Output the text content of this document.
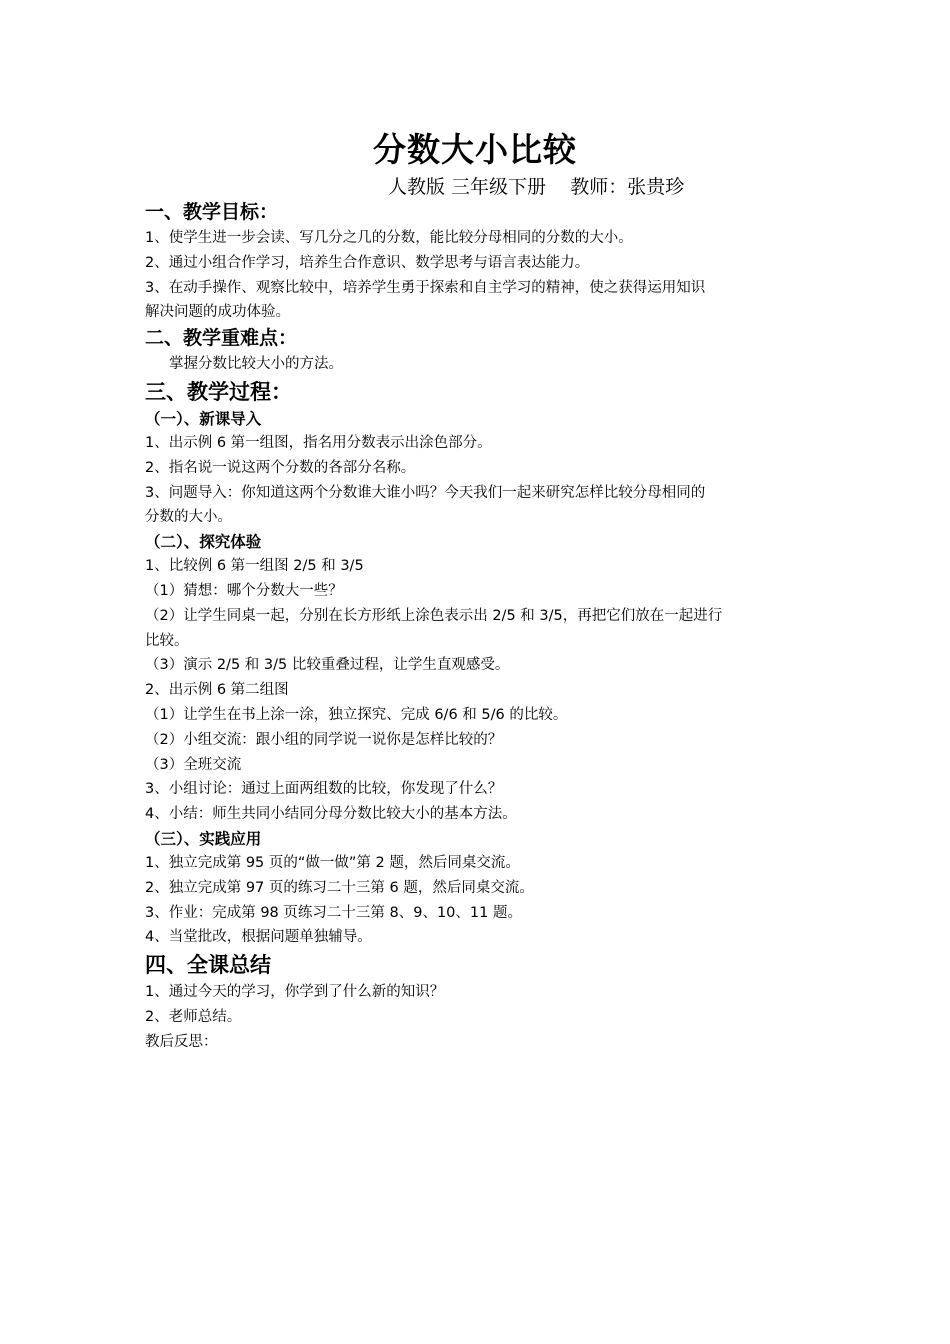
分数大小比较
人教版 三年级下册    教师：张贵珍
一、教学目标：
1、使学生进一步会读、写几分之几的分数，能比较分母相同的分数的大小。
2、通过小组合作学习，培养生合作意识、数学思考与语言表达能力。
3、在动手操作、观察比较中，培养学生勇于探索和自主学习的精神，使之获得运用知识
解决问题的成功体验。
二、教学重难点：
掌握分数比较大小的方法。
三、教学过程：
（一）、新课导入
1、出示例 6 第一组图，指名用分数表示出涂色部分。
2、指名说一说这两个分数的各部分名称。
3、问题导入：你知道这两个分数谁大谁小吗？今天我们一起来研究怎样比较分母相同的
分数的大小。
（二）、探究体验
1、比较例 6 第一组图 2/5 和 3/5
（1）猜想：哪个分数大一些？
（2）让学生同桌一起，分别在长方形纸上涂色表示出 2/5 和 3/5，再把它们放在一起进行
比较。
（3）演示 2/5 和 3/5 比较重叠过程，让学生直观感受。
2、出示例 6 第二组图
（1）让学生在书上涂一涂，独立探究、完成 6/6 和 5/6 的比较。
（2）小组交流：跟小组的同学说一说你是怎样比较的？
（3）全班交流
3、小组讨论：通过上面两组数的比较，你发现了什么？
4、小结：师生共同小结同分母分数比较大小的基本方法。
（三）、实践应用
1、独立完成第 95 页的“做一做”第 2 题，然后同桌交流。
2、独立完成第 97 页的练习二十三第 6 题，然后同桌交流。
3、作业：完成第 98 页练习二十三第 8、9、10、11 题。
4、当堂批改，根据问题单独辅导。
四、全课总结
1、通过今天的学习，你学到了什么新的知识？
2、老师总结。
教后反思：
